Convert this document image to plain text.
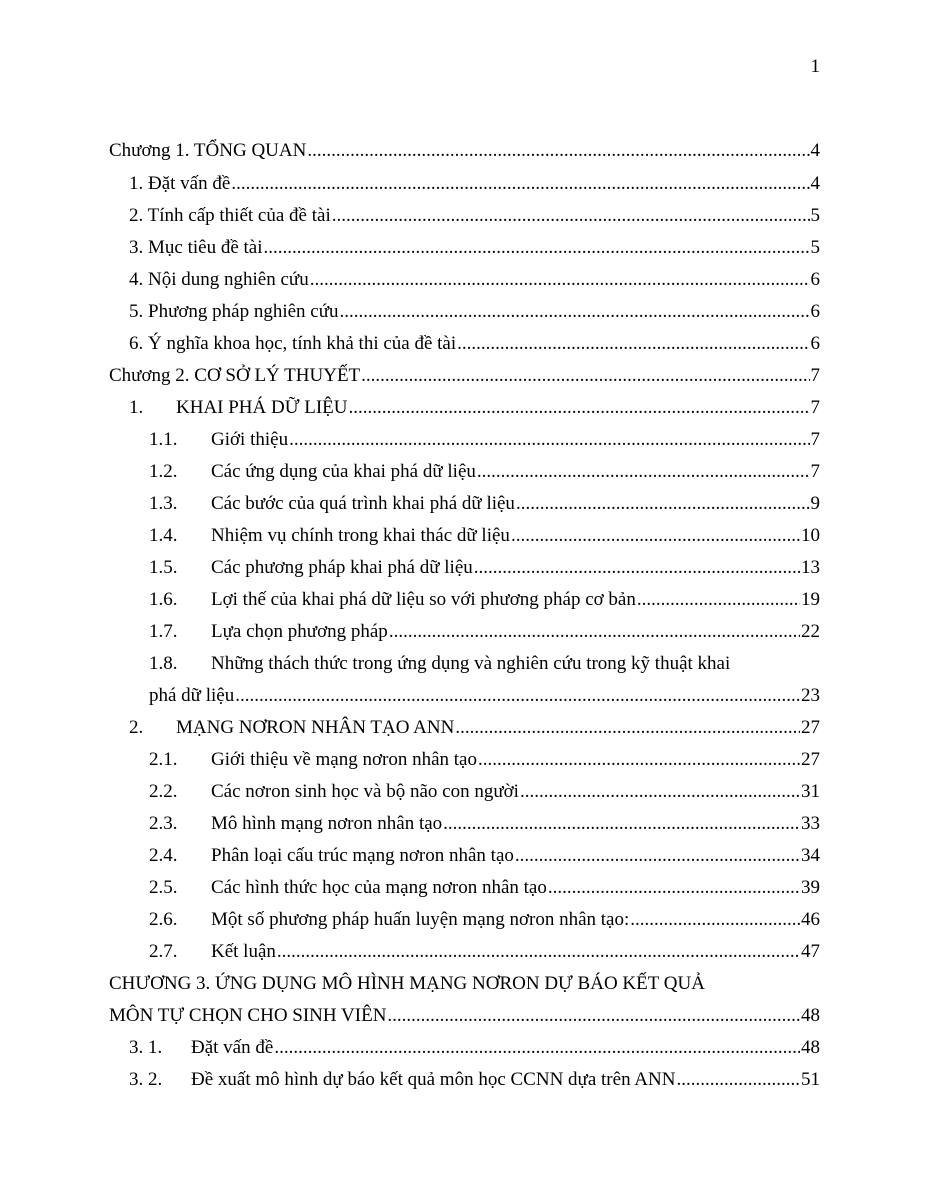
1
Chương 1. TỔNG QUAN .....	4
1. Đặt vấn đề .....	4
2. Tính cấp thiết của đề tài .....	5
3. Mục tiêu đề tài .....	5
4. Nội dung nghiên cứu .....	6
5. Phương pháp nghiên cứu .....	6
6. Ý nghĩa khoa học, tính khả thi của đề tài .....	6
Chương 2. CƠ SỞ LÝ THUYẾT .....	7
1.	KHAI PHÁ DỮ LIỆU .....	7
1.1.	Giới thiệu .....	7
1.2.	Các ứng dụng của khai phá dữ liệu .....	7
1.3.	Các bước của quá trình khai phá dữ liệu .....	9
1.4.	Nhiệm vụ chính trong khai thác dữ liệu .....	10
1.5.	Các phương pháp khai phá dữ liệu .....	13
1.6.	Lợi thế của khai phá dữ liệu so với phương pháp cơ bản .....	19
1.7.	Lựa chọn phương pháp .....	22
1.8. Những thách thức trong ứng dụng và nghiên cứu trong kỹ thuật khai
phá dữ liệu .....	23
2.	MẠNG NƠRON NHÂN TẠO ANN .....	27
2.1.	Giới thiệu về mạng nơron nhân tạo .....	27
2.2.	Các nơron sinh học và bộ não con người .....	31
2.3.	Mô hình mạng nơron nhân tạo .....	33
2.4.	Phân loại cấu trúc mạng nơron nhân tạo .....	34
2.5.	Các hình thức học của mạng nơron nhân tạo .....	39
2.6.	Một số phương pháp huấn luyện mạng nơron nhân tạo: .....	46
2.7.	Kết luận .....	47
CHƯƠNG 3. ỨNG DỤNG MÔ HÌNH MẠNG NƠRON DỰ BÁO KẾT QUẢ
MÔN TỰ CHỌN CHO SINH VIÊN .....	48
3. 1.	Đặt vấn đề .....	48
3. 2.	Đề xuất mô hình dự báo kết quả môn học CCNN dựa trên ANN .....	51
